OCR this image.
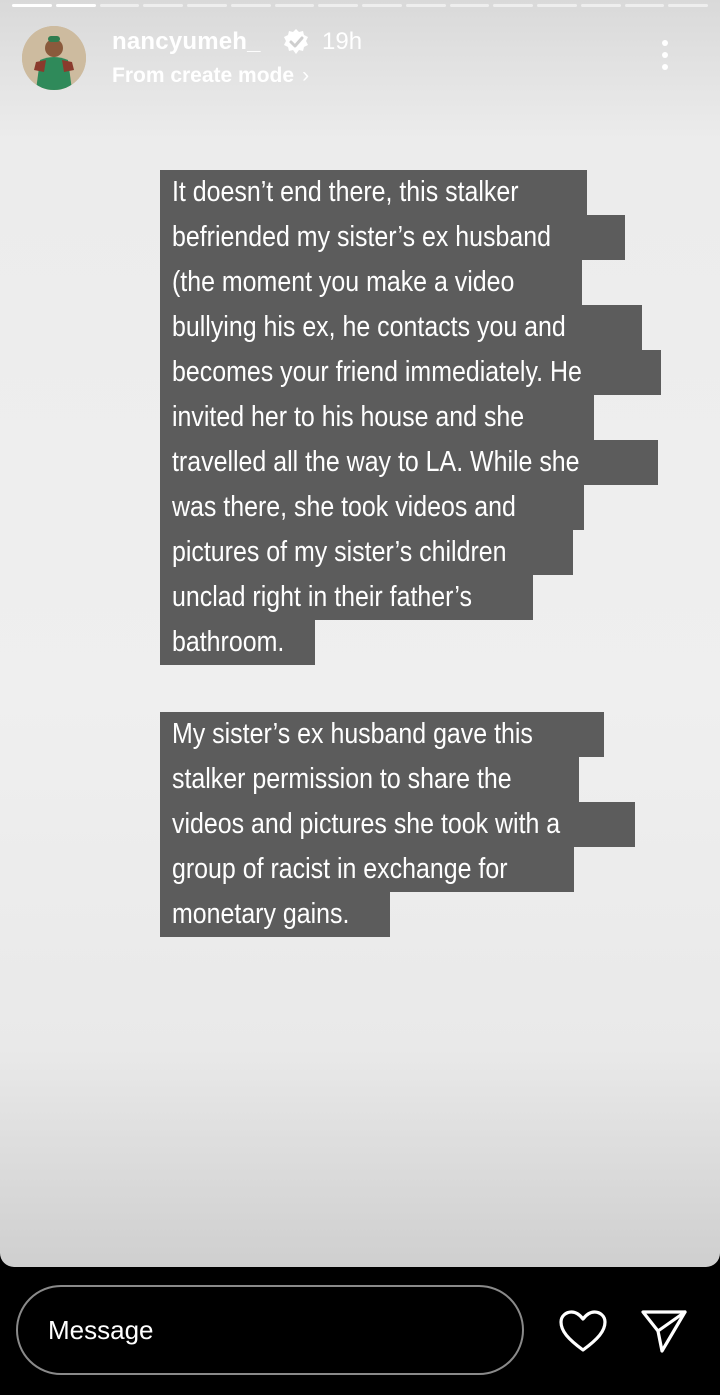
nancyumeh_	19h
From create mode ›
It doesn’t end there, this stalker
befriended my sister’s ex husband
(the moment you make a video
bullying his ex, he contacts you and
becomes your friend immediately. He
invited her to his house and she
travelled all the way to LA. While she
was there, she took videos and
pictures of my sister’s children
unclad right in their father’s
bathroom.
My sister’s ex husband gave this
stalker permission to share the
videos and pictures she took with a
group of racist in exchange for
monetary gains.
Message
